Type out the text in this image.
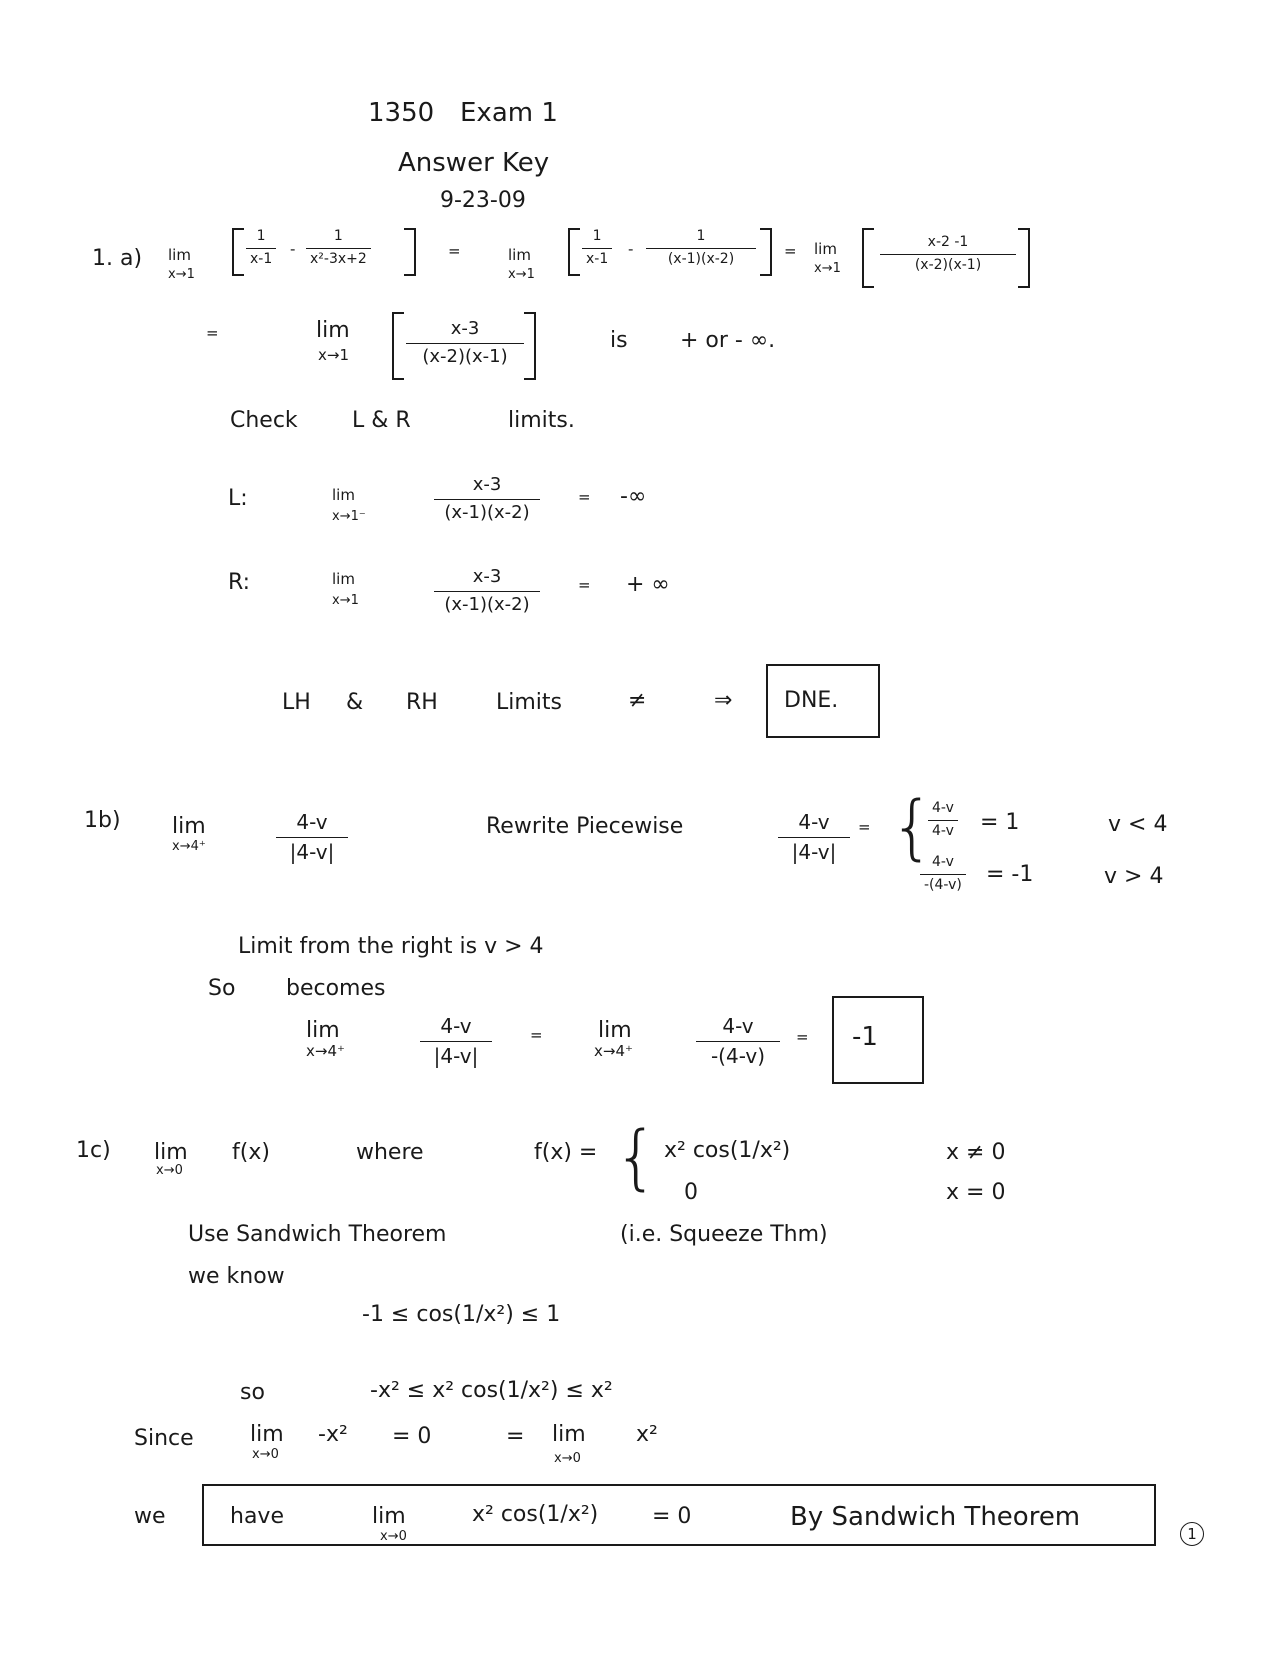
1350 Exam 1
Answer Key
9-23-09
1. a) lim
x→1
$\frac{1}{x-1} - \frac{1}{\text{x²-3x+2}}$	=	lim
x→1
$\frac{1}{x-1} - \frac{1}{(x-1)(x-2)} = \lim$
x→1	$\frac{x-2 -1}{(x-2)(x-1)}$
=	lim
x→1	$\frac{x-3}{(x-2)(x-1)}$	is + or - ∞.
Check L & R	limits.
L:	lim
x→1⁻	$\frac{x-3}{(x-1)(x-2)}$	= -∞
R:	lim
x→1	$\frac{x-3}{(x-1)(x-2)}$	= + ∞
LH & RH	Limits	≠	⇒ DNE.
1b) lim
x→4⁺	$\frac{4-v}{|4-v|}$	Rewrite Piecewise	$\frac{4-v}{|4-v|}$ = {
$\frac{4-v}{4-v} = 1$	v < 4
$\frac{4-v}{-(4-v)} = -1$	v > 4
Limit from the right is v > 4
So becomes
lim
x→4⁺	$\frac{4-v}{|4-v|}$	=	lim
x→4⁺	$\frac{4-v}{-(4-v)} = -1$
1c) lim
x→0
f(x)	where	f(x) = { x² cos(1/x²)	x ≠ 0
0	x = 0
Use Sandwich Theorem	(i.e. Squeeze Thm)
we know
-1 ≤ cos(1/x²) ≤ 1
so	-x² ≤ x² cos(1/x²) ≤ x²
Since	lim
x→0
-x² = 0	= lim
x→0
x²
we	have	lim
x→0
x² cos(1/x²) = 0	By Sandwich Theorem
1
